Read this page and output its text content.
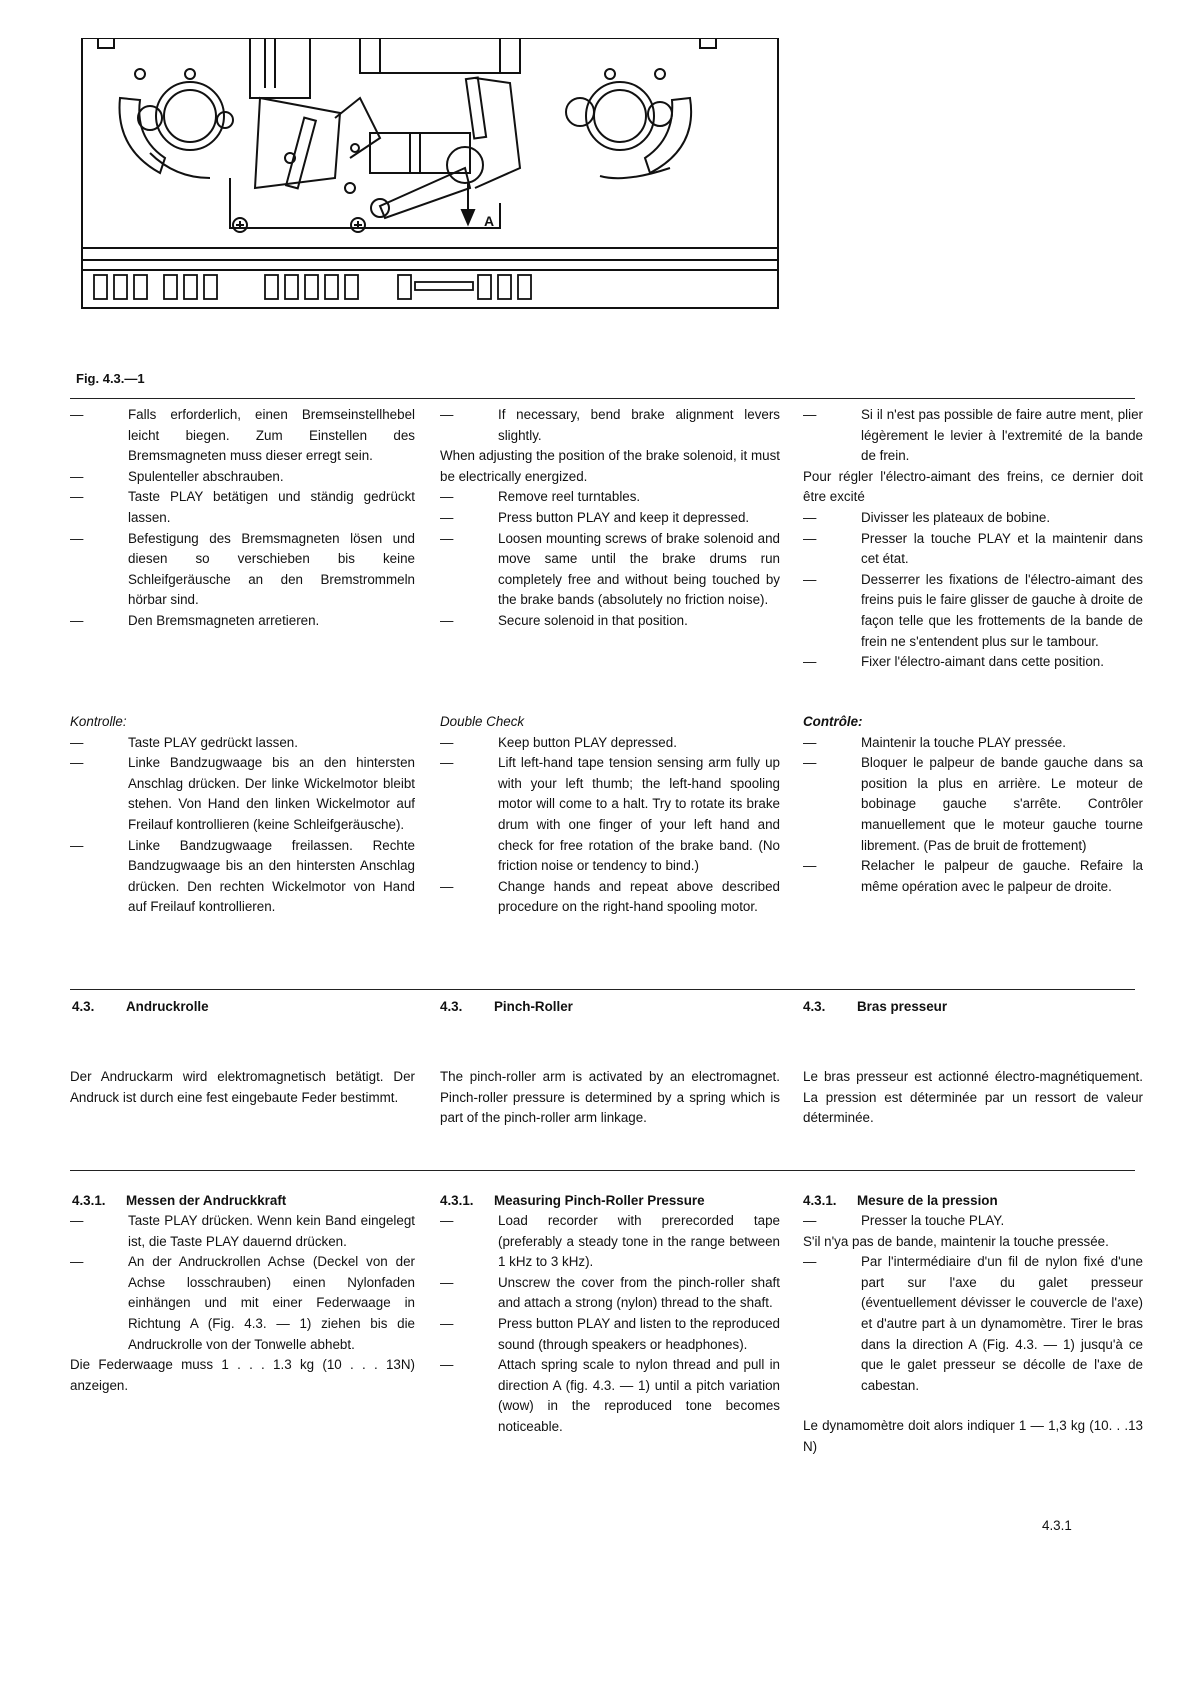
A
Fig. 4.3.—1

—	Falls erforderlich, einen Bremseinstellhebel leicht biegen. Zum Einstellen des Bremsmagneten muss dieser erregt sein.

—	Spulenteller abschrauben.

—	Taste PLAY betätigen und ständig gedrückt lassen.

—	Befestigung des Bremsmagneten lösen und diesen so verschieben bis keine Schleifgeräusche an den Bremstrommeln hörbar sind.

—	Den Bremsmagneten arretieren.

—	If necessary, bend brake alignment levers slightly.

When adjusting the position of the brake solenoid, it must be electrically energized.

—	Remove reel turntables.

—	Press button PLAY and keep it depressed.

—	Loosen mounting screws of brake solenoid and move same until the brake drums run completely free and without being touched by the brake bands (absolutely no friction noise).

—	Secure solenoid in that position.

—	Si il n'est pas possible de faire autre ment, plier légèrement le levier à l'extremité de la bande de frein.

Pour régler l'électro-aimant des freins, ce dernier doit être excité

—	Divisser les plateaux de bobine.

—	Presser la touche PLAY et la maintenir dans cet état.

—	Desserrer les fixations de l'électro-aimant des freins puis le faire glisser de gauche à droite de façon telle que les frottements de la bande de frein ne s'entendent plus sur le tambour.

—	Fixer l'électro-aimant dans cette position.

Kontrolle:

—	Taste PLAY gedrückt lassen.

—	Linke Bandzugwaage bis an den hintersten Anschlag drücken. Der linke Wickelmotor bleibt stehen. Von Hand den linken Wickelmotor auf Freilauf kontrollieren (keine Schleifgeräusche).

—	Linke Bandzugwaage freilassen. Rechte Bandzugwaage bis an den hintersten Anschlag drücken. Den rechten Wickelmotor von Hand auf Freilauf kontrollieren.

Double Check

—	Keep button PLAY depressed.

—	Lift left-hand tape tension sensing arm fully up with your left thumb; the left-hand spooling motor will come to a halt. Try to rotate its brake drum with one finger of your left hand and check for free rotation of the brake band. (No friction noise or tendency to bind.)

—	Change hands and repeat above described procedure on the right-hand spooling motor.

Contrôle:

—	Maintenir la touche PLAY pressée.

—	Bloquer le palpeur de bande gauche dans sa position la plus en arrière. Le moteur de bobinage gauche s'arrête. Contrôler manuellement que le moteur gauche tourne librement. (Pas de bruit de frottement)

—	Relacher le palpeur de gauche. Refaire la même opération avec le palpeur de droite.

4.3. Andruckrolle	4.3. Pinch-Roller	4.3. Bras presseur

Der Andruckarm wird elektromagnetisch betätigt. Der Andruck ist durch eine fest eingebaute Feder bestimmt.

The pinch-roller arm is activated by an electromagnet. Pinch-roller pressure is determined by a spring which is part of the pinch-roller arm linkage.

Le bras presseur est actionné électro-magnétiquement. La pression est déterminée par un ressort de valeur déterminée.

4.3.1. Messen der Andruckkraft	4.3.1. Measuring Pinch-Roller Pressure	4.3.1. Mesure de la pression

—	Taste PLAY drücken. Wenn kein Band eingelegt ist, die Taste PLAY dauernd drücken.

—	An der Andruckrollen Achse (Deckel von der Achse losschrauben) einen Nylonfaden einhängen und mit einer Federwaage in Richtung A (Fig. 4.3. — 1) ziehen bis die Andruckrolle von der Tonwelle abhebt.

Die Federwaage muss 1 . . . 1.3 kg (10 . . . 13N) anzeigen.

—	Load recorder with prerecorded tape (preferably a steady tone in the range between 1 kHz to 3 kHz).

—	Unscrew the cover from the pinch-roller shaft and attach a strong (nylon) thread to the shaft.

—	Press button PLAY and listen to the reproduced sound (through speakers or headphones).

—	Attach spring scale to nylon thread and pull in direction A (fig. 4.3. — 1) until a pitch variation (wow) in the reproduced tone becomes noticeable.

—	Presser la touche PLAY.

S'il n'ya pas de bande, maintenir la touche pressée.

—	Par l'intermédiaire d'un fil de nylon fixé d'une part sur l'axe du galet presseur (éventuellement dévisser le couvercle de l'axe) et d'autre part à un dynamomètre. Tirer le bras dans la direction A (Fig. 4.3. — 1) jusqu'à ce que le galet presseur se décolle de l'axe de cabestan.

Le dynamomètre doit alors indiquer 1 — 1,3 kg (10. . .13 N)

4.3.1
